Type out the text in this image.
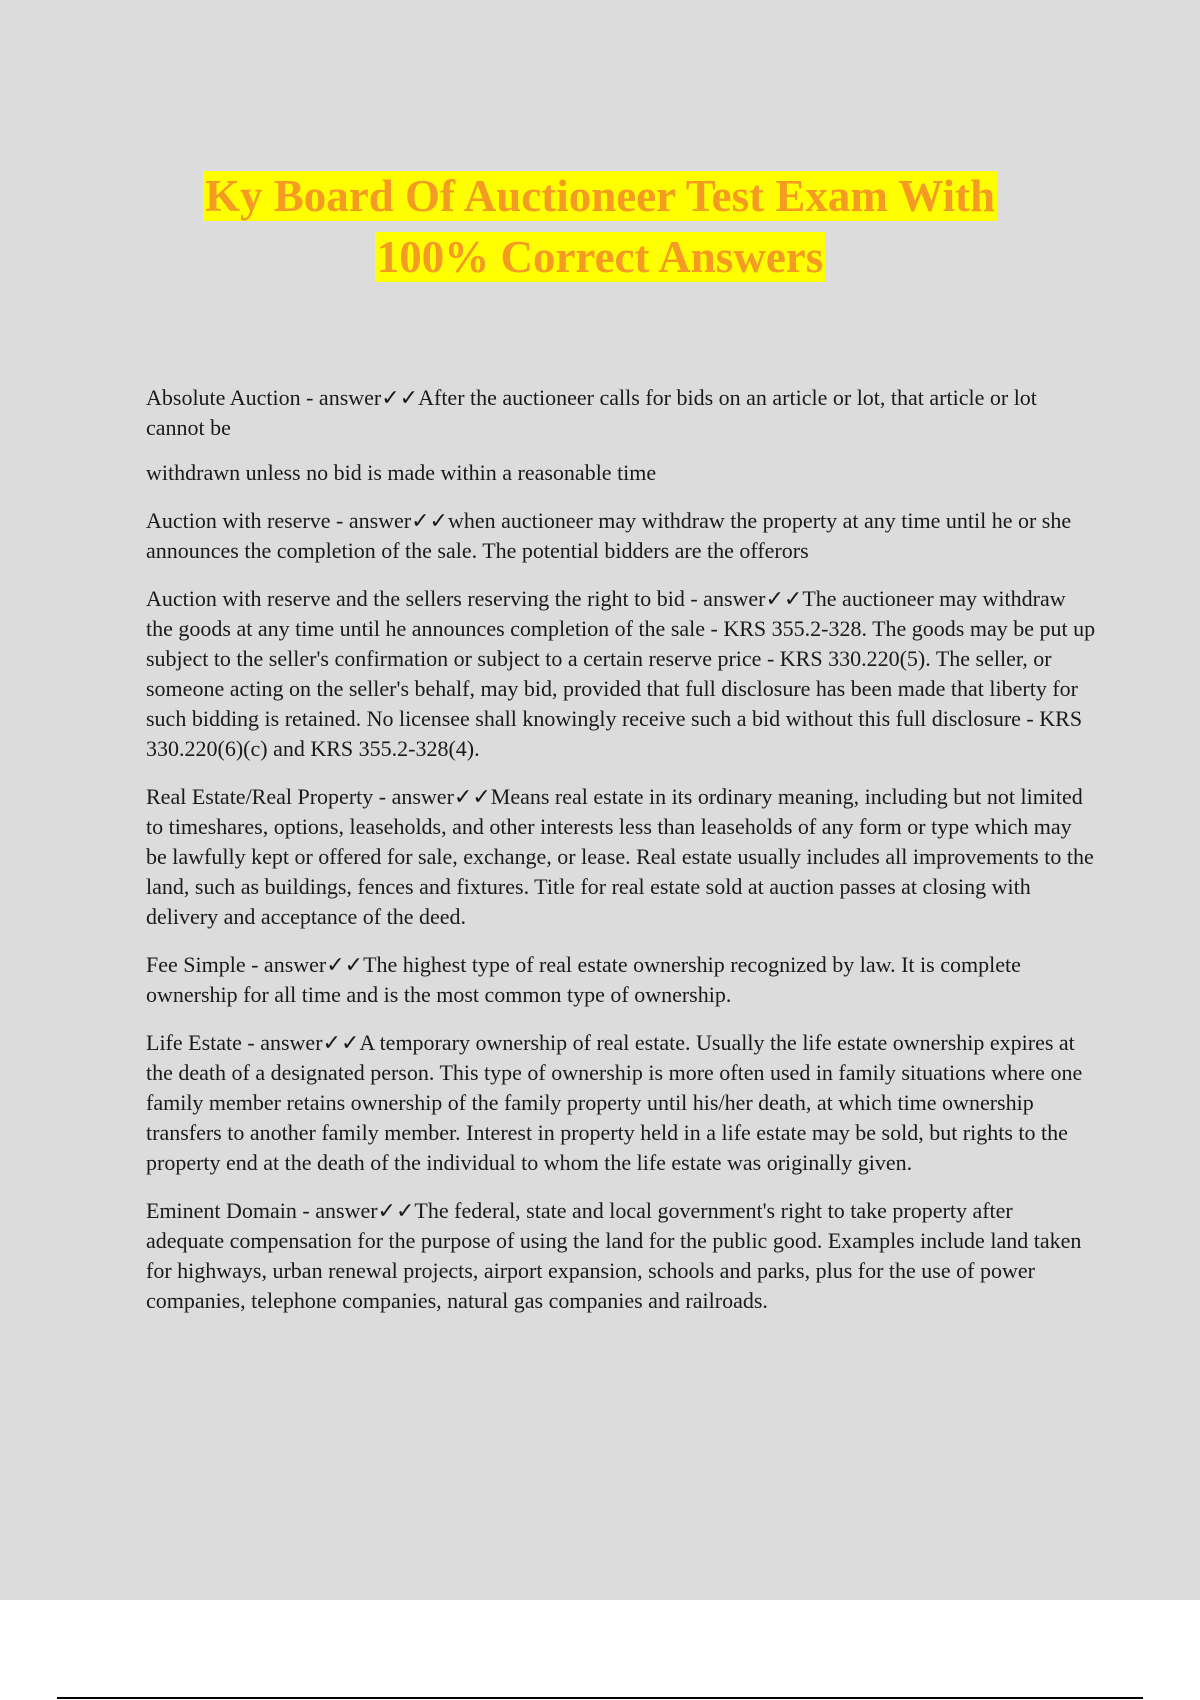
Ky Board Of Auctioneer Test Exam With
100% Correct Answers

Absolute Auction - answer✓✓After the auctioneer calls for bids on an article or lot, that article or lot cannot be

withdrawn unless no bid is made within a reasonable time

Auction with reserve - answer✓✓when auctioneer may withdraw the property at any time until he or she announces the completion of the sale. The potential bidders are the offerors

Auction with reserve and the sellers reserving the right to bid - answer✓✓The auctioneer may withdraw the goods at any time until he announces completion of the sale - KRS 355.2-328. The goods may be put up subject to the seller's confirmation or subject to a certain reserve price - KRS 330.220(5). The seller, or someone acting on the seller's behalf, may bid, provided that full disclosure has been made that liberty for such bidding is retained. No licensee shall knowingly receive such a bid without this full disclosure - KRS 330.220(6)(c) and KRS 355.2-328(4).

Real Estate/Real Property - answer✓✓Means real estate in its ordinary meaning, including but not limited to timeshares, options, leaseholds, and other interests less than leaseholds of any form or type which may be lawfully kept or offered for sale, exchange, or lease. Real estate usually includes all improvements to the land, such as buildings, fences and fixtures. Title for real estate sold at auction passes at closing with delivery and acceptance of the deed.

Fee Simple - answer✓✓The highest type of real estate ownership recognized by law. It is complete ownership for all time and is the most common type of ownership.

Life Estate - answer✓✓A temporary ownership of real estate. Usually the life estate ownership expires at the death of a designated person. This type of ownership is more often used in family situations where one family member retains ownership of the family property until his/her death, at which time ownership transfers to another family member. Interest in property held in a life estate may be sold, but rights to the property end at the death of the individual to whom the life estate was originally given.

Eminent Domain - answer✓✓The federal, state and local government's right to take property after adequate compensation for the purpose of using the land for the public good. Examples include land taken for highways, urban renewal projects, airport expansion, schools and parks, plus for the use of power companies, telephone companies, natural gas companies and railroads.
